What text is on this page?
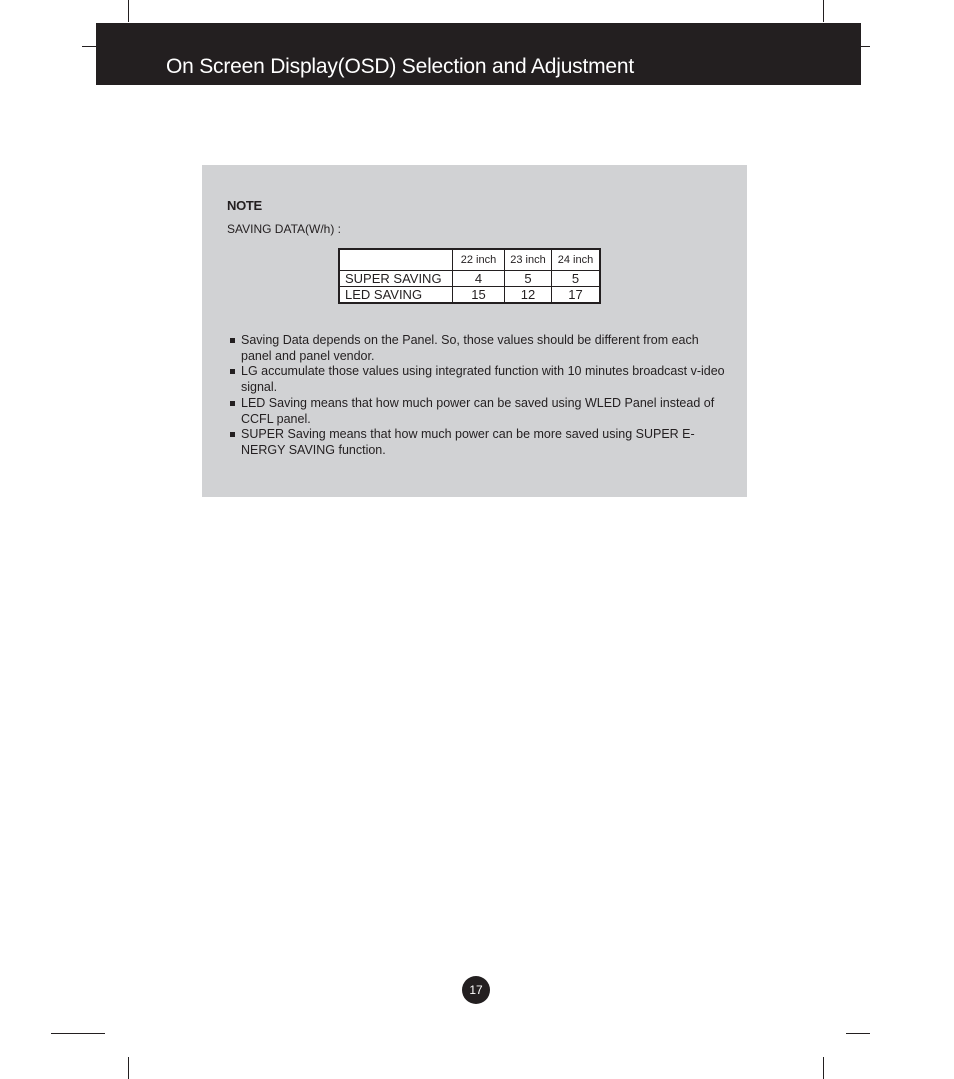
On Screen Display(OSD) Selection and Adjustment
NOTE
SAVING DATA(W/h) :
	22 inch	23 inch	24 inch
SUPER SAVING	4	5	5
LED SAVING	15	12	17
Saving Data depends on the Panel. So, those values should be different from each panel and panel vendor.
LG accumulate those values using integrated function with 10 minutes broadcast v-ideo signal.
LED Saving means that how much power can be saved using WLED Panel instead of CCFL panel.
SUPER Saving means that how much power can be more saved using SUPER E-NERGY SAVING function.
17
